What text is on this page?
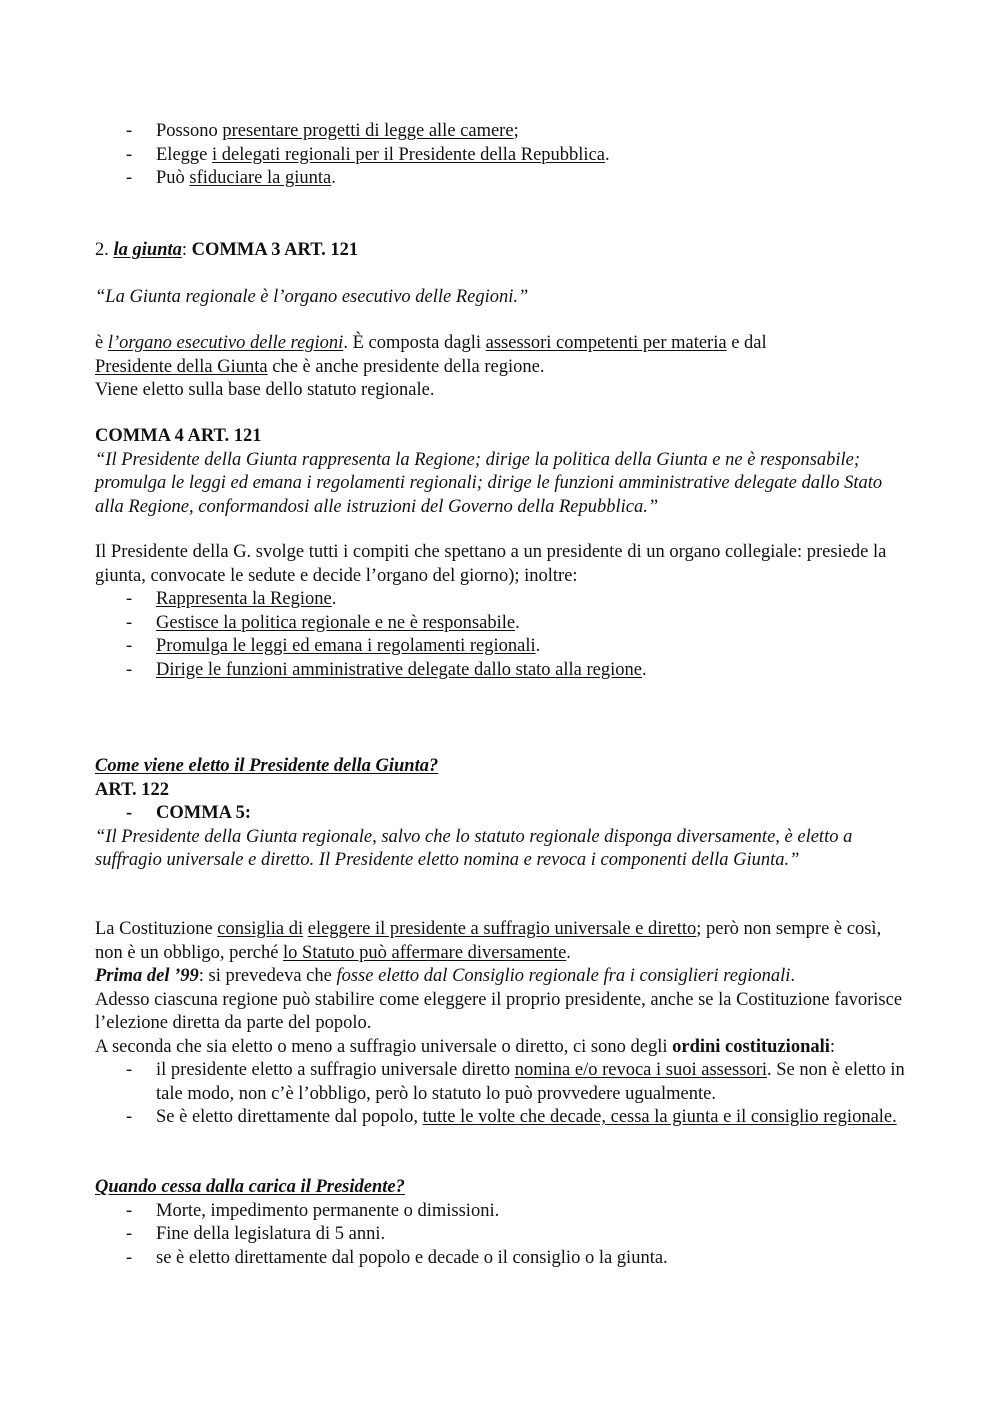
- Possono presentare progetti di legge alle camere;
- Elegge i delegati regionali per il Presidente della Repubblica.
- Può sfiduciare la giunta.

2. la giunta: COMMA 3 ART. 121

“La Giunta regionale è l’organo esecutivo delle Regioni.”

è l’organo esecutivo delle regioni. È composta dagli assessori competenti per materia e dal

Presidente della Giunta che è anche presidente della regione.

Viene eletto sulla base dello statuto regionale.

COMMA 4 ART. 121

“Il Presidente della Giunta rappresenta la Regione; dirige la politica della Giunta e ne è responsabile; promulga le leggi ed emana i regolamenti regionali; dirige le funzioni amministrative delegate dallo Stato alla Regione, conformandosi alle istruzioni del Governo della Repubblica.”

Il Presidente della G. svolge tutti i compiti che spettano a un presidente di un organo collegiale: presiede la giunta, convocate le sedute e decide l’organo del giorno); inoltre:

- Rappresenta la Regione.
- Gestisce la politica regionale e ne è responsabile.
- Promulga le leggi ed emana i regolamenti regionali.
- Dirige le funzioni amministrative delegate dallo stato alla regione.

Come viene eletto il Presidente della Giunta?

ART. 122

- COMMA 5:

“Il Presidente della Giunta regionale, salvo che lo statuto regionale disponga diversamente, è eletto a suffragio universale e diretto. Il Presidente eletto nomina e revoca i componenti della Giunta.”

La Costituzione consiglia di eleggere il presidente a suffragio universale e diretto; però non sempre è così, non è un obbligo, perché lo Statuto può affermare diversamente.

Prima del ’99: si prevedeva che fosse eletto dal Consiglio regionale fra i consiglieri regionali.

Adesso ciascuna regione può stabilire come eleggere il proprio presidente, anche se la Costituzione favorisce l’elezione diretta da parte del popolo.

A seconda che sia eletto o meno a suffragio universale o diretto, ci sono degli ordini costituzionali:

- il presidente eletto a suffragio universale diretto nomina e/o revoca i suoi assessori. Se non è eletto in tale modo, non c’è l’obbligo, però lo statuto lo può provvedere ugualmente.
- Se è eletto direttamente dal popolo, tutte le volte che decade, cessa la giunta e il consiglio regionale.

Quando cessa dalla carica il Presidente?

- Morte, impedimento permanente o dimissioni.
- Fine della legislatura di 5 anni.
- se è eletto direttamente dal popolo e decade o il consiglio o la giunta.
